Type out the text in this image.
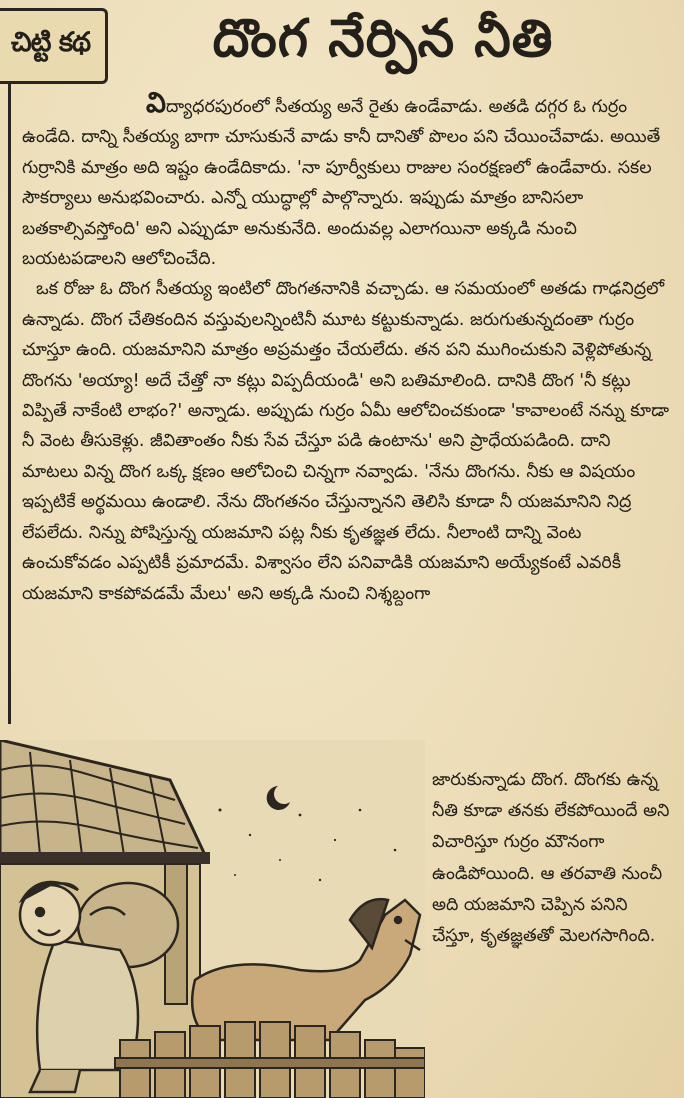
చిట్టి కథ	దొంగ నేర్పిన నీతి

విద్యాధరపురంలో సీతయ్య అనే రైతు ఉండేవాడు. అతడి దగ్గర ఓ గుర్రం ఉండేది. దాన్ని సీతయ్య బాగా చూసుకునే వాడు కానీ దానితో పొలం పని చేయించేవాడు. అయితే గుర్రానికి మాత్రం అది ఇష్టం ఉండేదికాదు. 'నా పూర్వీకులు రాజుల సంరక్షణలో ఉండేవారు. సకల సౌకర్యాలు అనుభవించారు. ఎన్నో యుద్ధాల్లో పాల్గొన్నారు. ఇప్పుడు మాత్రం బానిసలా బతకాల్సివస్తోంది' అని ఎప్పుడూ అనుకునేది. అందువల్ల ఎలాగయినా అక్కడి నుంచి బయటపడాలని ఆలోచించేది.

ఒక రోజు ఓ దొంగ సీతయ్య ఇంటిలో దొంగతనానికి వచ్చాడు. ఆ సమయంలో అతడు గాఢనిద్రలో ఉన్నాడు. దొంగ చేతికందిన వస్తువులన్నింటినీ మూట కట్టుకున్నాడు. జరుగుతున్నదంతా గుర్రం చూస్తూ ఉంది. యజమానిని మాత్రం అప్రమత్తం చేయలేదు. తన పని ముగించుకుని వెళ్లిపోతున్న దొంగను 'అయ్యా! అదే చేత్తో నా కట్లు విప్పదీయండి' అని బతిమాలింది. దానికి దొంగ 'నీ కట్లు విప్పితే నాకేంటి లాభం?' అన్నాడు. అప్పుడు గుర్రం ఏమీ ఆలోచించకుండా 'కావాలంటే నన్ను కూడా నీ వెంట తీసుకెళ్లు. జీవితాంతం నీకు సేవ చేస్తూ పడి ఉంటాను' అని ప్రాధేయపడింది. దాని మాటలు విన్న దొంగ ఒక్క క్షణం ఆలోచించి చిన్నగా నవ్వాడు. 'నేను దొంగను. నీకు ఆ విషయం ఇప్పటికే అర్థమయి ఉండాలి. నేను దొంగతనం చేస్తున్నానని తెలిసి కూడా నీ యజమానిని నిద్ర లేపలేదు. నిన్ను పోషిస్తున్న యజమాని పట్ల నీకు కృతజ్ఞత లేదు. నీలాంటి దాన్ని వెంట ఉంచుకోవడం ఎప్పటికీ ప్రమాదమే. విశ్వాసం లేని పనివాడికి యజమాని అయ్యేకంటే ఎవరికీ యజమాని కాకపోవడమే మేలు' అని అక్కడి నుంచి నిశ్శబ్దంగా

జారుకున్నాడు దొంగ. దొంగకు ఉన్న నీతి కూడా తనకు లేకపోయిందే అని విచారిస్తూ గుర్రం మౌనంగా ఉండిపోయింది. ఆ తరవాతి నుంచీ అది యజమాని చెప్పిన పనిని చేస్తూ, కృతజ్ఞతతో మెలగసాగింది.
